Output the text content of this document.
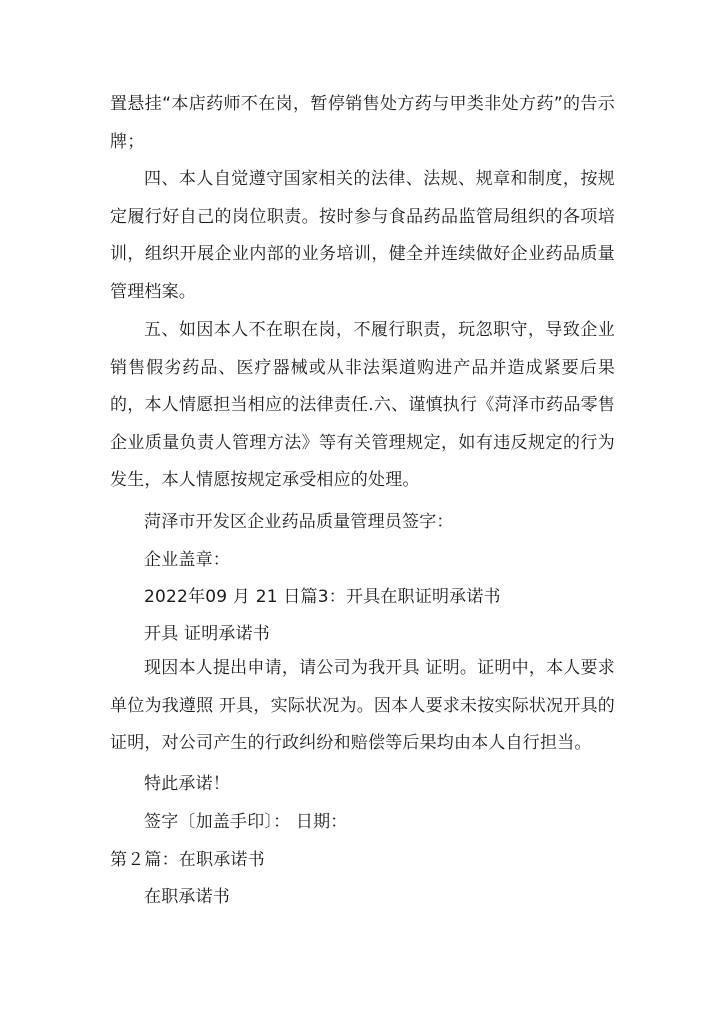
置悬挂“本店药师不在岗，暂停销售处方药与甲类非处方药”的告示牌；

四、本人自觉遵守国家相关的法律、法规、规章和制度，按规定履行好自己的岗位职责。按时参与食品药品监管局组织的各项培训，组织开展企业内部的业务培训，健全并连续做好企业药品质量管理档案。

五、如因本人不在职在岗，不履行职责，玩忽职守，导致企业销售假劣药品、医疗器械或从非法渠道购进产品并造成紧要后果的，本人情愿担当相应的法律责任.六、谨慎执行《菏泽市药品零售企业质量负责人管理方法》等有关管理规定，如有违反规定的行为发生，本人情愿按规定承受相应的处理。

菏泽市开发区企业药品质量管理员签字：

企业盖章：

2022年09 月 21 日篇3：开具在职证明承诺书

开具 证明承诺书

现因本人提出申请，请公司为我开具 证明。证明中，本人要求单位为我遵照 开具，实际状况为。因本人要求未按实际状况开具的证明，对公司产生的行政纠纷和赔偿等后果均由本人自行担当。

特此承诺！

签字〔加盖手印〕： 日期：

第２篇：在职承诺书

在职承诺书
